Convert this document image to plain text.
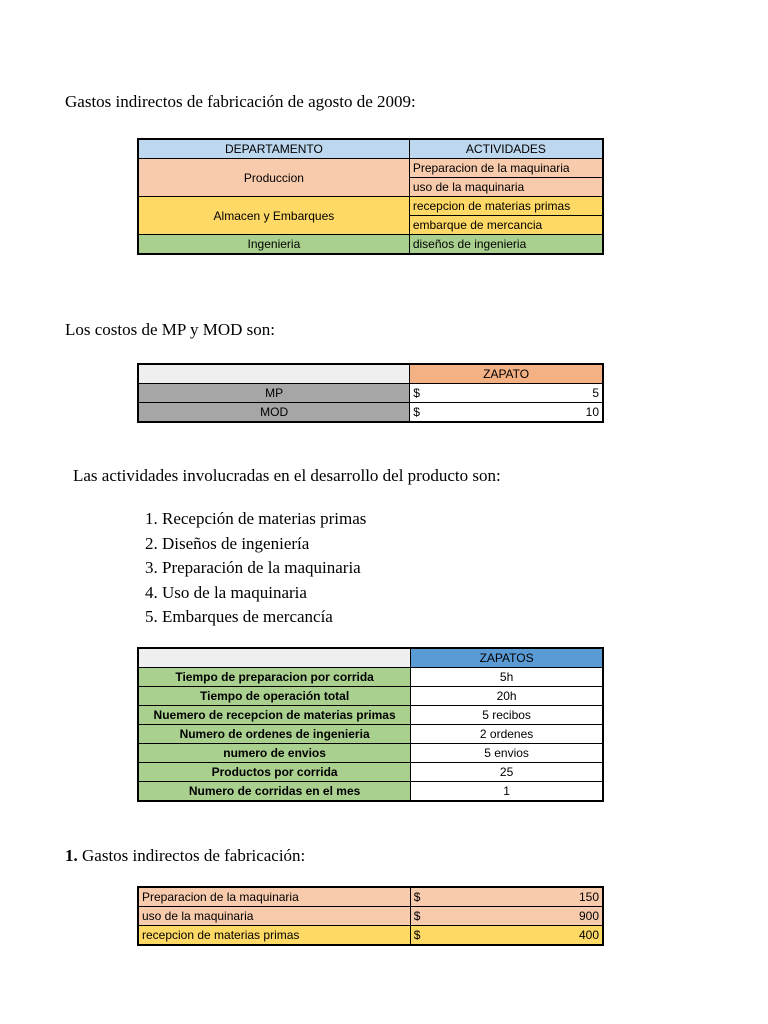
Gastos indirectos de fabricación de agosto de 2009:
DEPARTAMENTO	ACTIVIDADES
Produccion	Preparacion de la maquinaria
	uso de la maquinaria
Almacen y Embarques	recepcion de materias primas
	embarque de mercancia
Ingenieria	diseños de ingenieria
Los costos de MP y MOD son:
	ZAPATO
MP	$ 5

MOD	$ 10
Las actividades involucradas en el desarrollo del producto son:
1. Recepción de materias primas
2. Diseños de ingeniería
3. Preparación de la maquinaria
4. Uso de la maquinaria
5. Embarques de mercancía
	ZAPATOS
Tiempo de preparacion por corrida	5h
Tiempo de operación total	20h
Nuemero de recepcion de materias primas	5 recibos
Numero de ordenes de ingenieria	2 ordenes
numero de envios	5 envios
Productos por corrida	25
Numero de corridas en el mes	1
1. Gastos indirectos de fabricación:
Preparacion de la maquinaria	$ 150

uso de la maquinaria	$ 900

recepcion de materias primas	$ 400
